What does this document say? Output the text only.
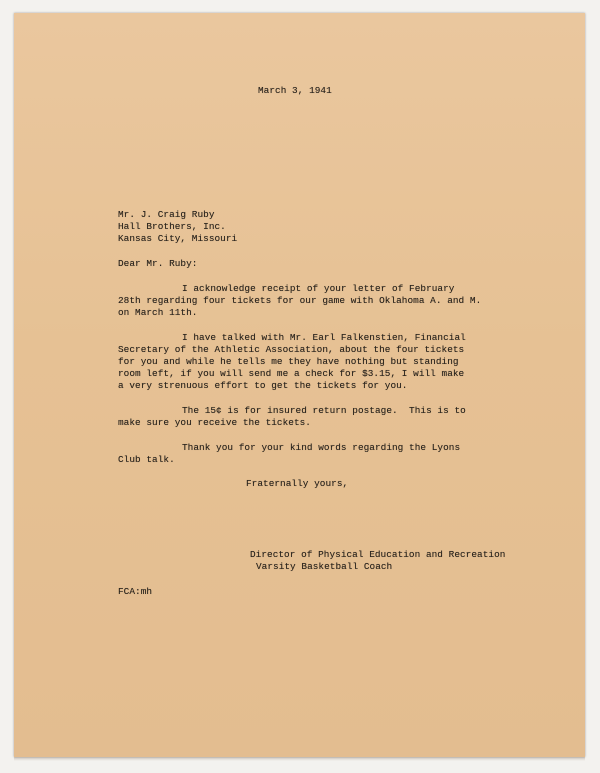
March 3, 1941
Mr. J. Craig Ruby
Hall Brothers, Inc.
Kansas City, Missouri
Dear Mr. Ruby:
I acknowledge receipt of your letter of February
28th regarding four tickets for our game with Oklahoma A. and M.
on March 11th.
I have talked with Mr. Earl Falkenstien, Financial
Secretary of the Athletic Association, about the four tickets
for you and while he tells me they have nothing but standing
room left, if you will send me a check for $3.15, I will make
a very strenuous effort to get the tickets for you.
The 15¢ is for insured return postage.  This is to
make sure you receive the tickets.
Thank you for your kind words regarding the Lyons
Club talk.
Fraternally yours,
Director of Physical Education and Recreation
Varsity Basketball Coach
FCA:mh
